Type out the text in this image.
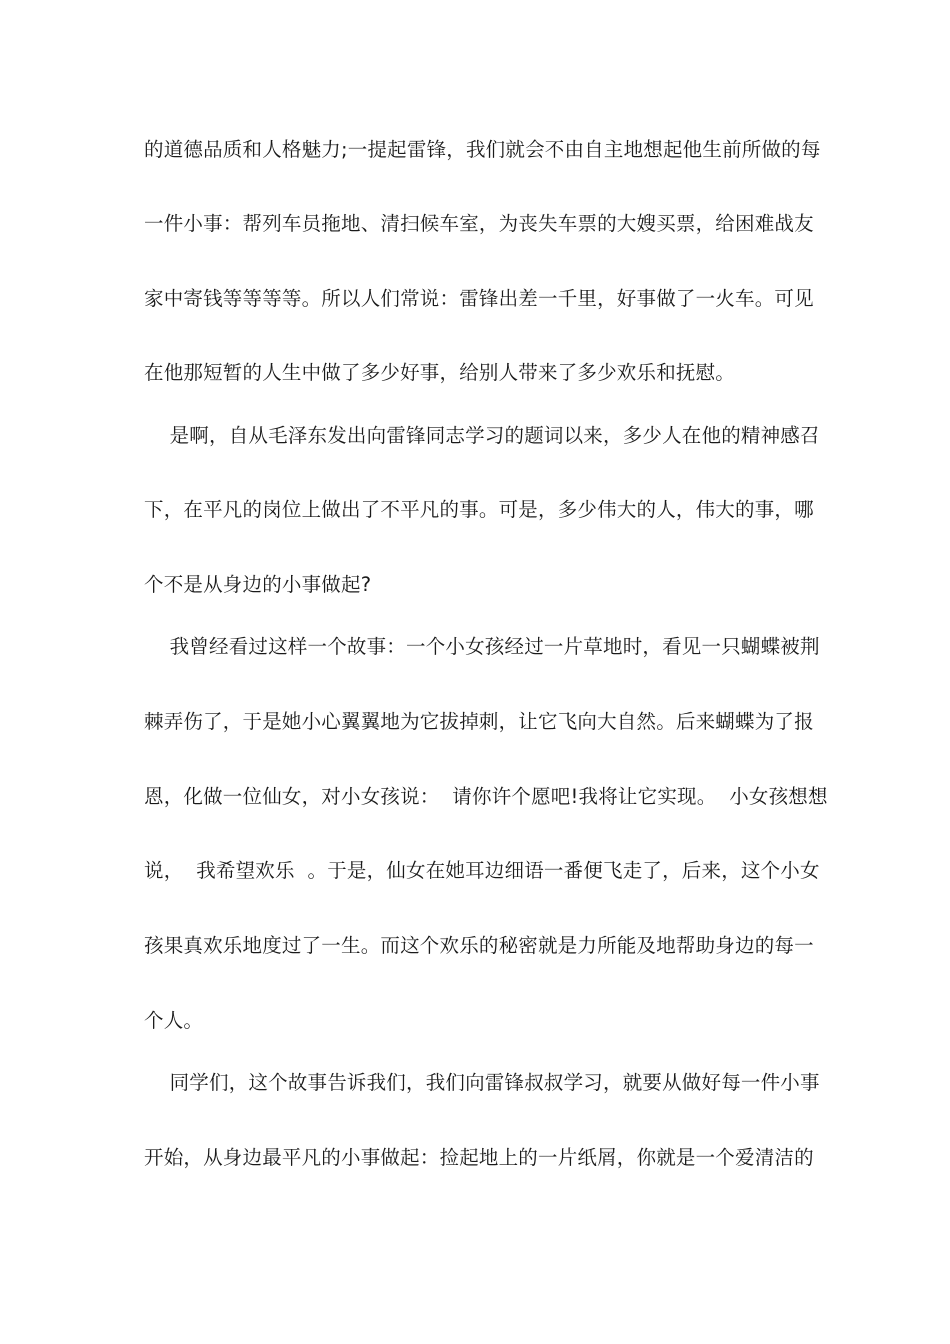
的道德品质和人格魅力;一提起雷锋，我们就会不由自主地想起他生前所做的每
一件小事：帮列车员拖地、清扫候车室，为丧失车票的大嫂买票，给困难战友
家中寄钱等等等等。所以人们常说：雷锋出差一千里，好事做了一火车。可见
在他那短暂的人生中做了多少好事，给别人带来了多少欢乐和抚慰。
是啊，自从毛泽东发出向雷锋同志学习的题词以来，多少人在他的精神感召
下，在平凡的岗位上做出了不平凡的事。可是，多少伟大的人，伟大的事，哪
个不是从身边的小事做起?
我曾经看过这样一个故事：一个小女孩经过一片草地时，看见一只蝴蝶被荆
棘弄伤了，于是她小心翼翼地为它拔掉刺，让它飞向大自然。后来蝴蝶为了报
恩，化做一位仙女，对小女孩说：  请你许个愿吧!我将让它实现。  小女孩想想
说，  我希望欢乐  。于是，仙女在她耳边细语一番便飞走了，后来，这个小女
孩果真欢乐地度过了一生。而这个欢乐的秘密就是力所能及地帮助身边的每一
个人。
同学们，这个故事告诉我们，我们向雷锋叔叔学习，就要从做好每一件小事
开始，从身边最平凡的小事做起：捡起地上的一片纸屑，你就是一个爱清洁的
